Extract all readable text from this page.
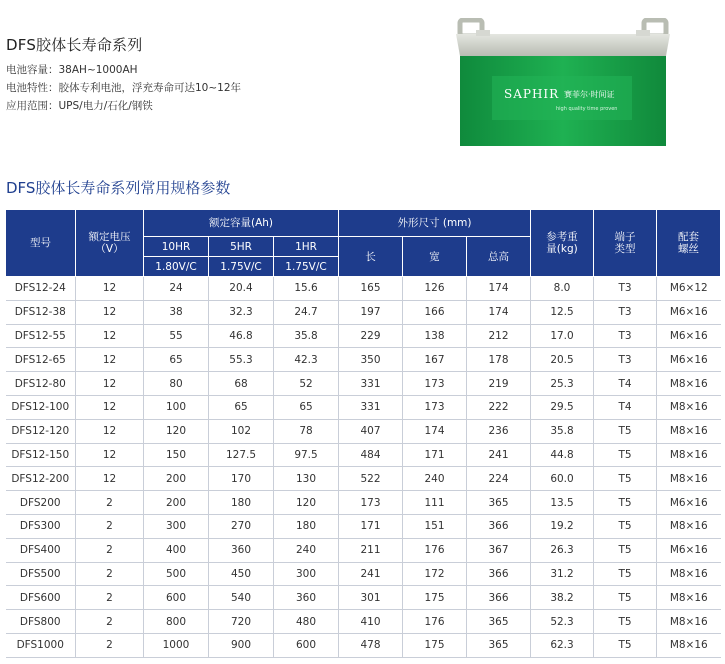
DFS胶体长寿命系列
电池容量：38AH~1000AH
电池特性：胶体专利电池，浮充寿命可达10~12年
应用范围：UPS/电力/石化/钢铁
SAPHIR 赛菲尔·时间证
high quality time proven
DFS胶体长寿命系列常用规格参数
型号	额定电压（V）	额定容量(Ah)			外形尺寸 (mm)			参考重量(kg)	端子类型	配套螺丝
		10HR	5HR	1HR	长	宽	总高			
		1.80V/C	1.75V/C	1.75V/C						
DFS12-24	12	24	20.4	15.6	165	126	174	8.0	T3	M6×12
DFS12-38	12	38	32.3	24.7	197	166	174	12.5	T3	M6×16
DFS12-55	12	55	46.8	35.8	229	138	212	17.0	T3	M6×16
DFS12-65	12	65	55.3	42.3	350	167	178	20.5	T3	M6×16
DFS12-80	12	80	68	52	331	173	219	25.3	T4	M8×16
DFS12-100	12	100	65	65	331	173	222	29.5	T4	M8×16
DFS12-120	12	120	102	78	407	174	236	35.8	T5	M8×16
DFS12-150	12	150	127.5	97.5	484	171	241	44.8	T5	M8×16
DFS12-200	12	200	170	130	522	240	224	60.0	T5	M8×16
DFS200	2	200	180	120	173	111	365	13.5	T5	M6×16
DFS300	2	300	270	180	171	151	366	19.2	T5	M8×16
DFS400	2	400	360	240	211	176	367	26.3	T5	M6×16
DFS500	2	500	450	300	241	172	366	31.2	T5	M8×16
DFS600	2	600	540	360	301	175	366	38.2	T5	M8×16
DFS800	2	800	720	480	410	176	365	52.3	T5	M8×16
DFS1000	2	1000	900	600	478	175	365	62.3	T5	M8×16
